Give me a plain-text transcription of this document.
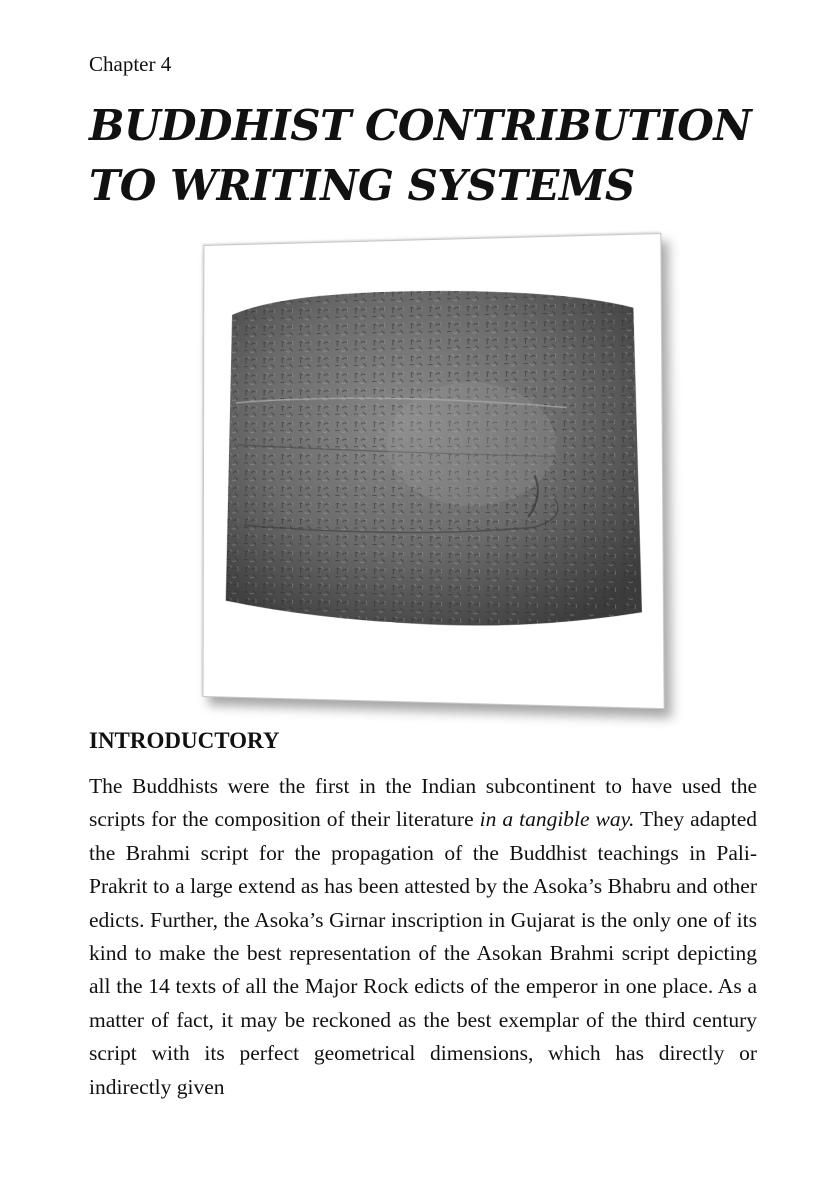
Chapter 4
BUDDHIST CONTRIBUTION TO WRITING SYSTEMS
INTRODUCTORY

The Buddhists were the first in the Indian subcontinent to have used the scripts for the composition of their literature in a tangible way. They adapted the Brahmi script for the propagation of the Buddhist teachings in Pali-Prakrit to a large extend as has been attested by the Asoka’s Bhabru and other edicts. Further, the Asoka’s Girnar inscription in Gujarat is the only one of its kind to make the best representation of the Asokan Brahmi script depicting all the 14 texts of all the Major Rock edicts of the emperor in one place. As a matter of fact, it may be reckoned as the best exemplar of the third century script with its perfect geometrical dimensions, which has directly or indirectly given
